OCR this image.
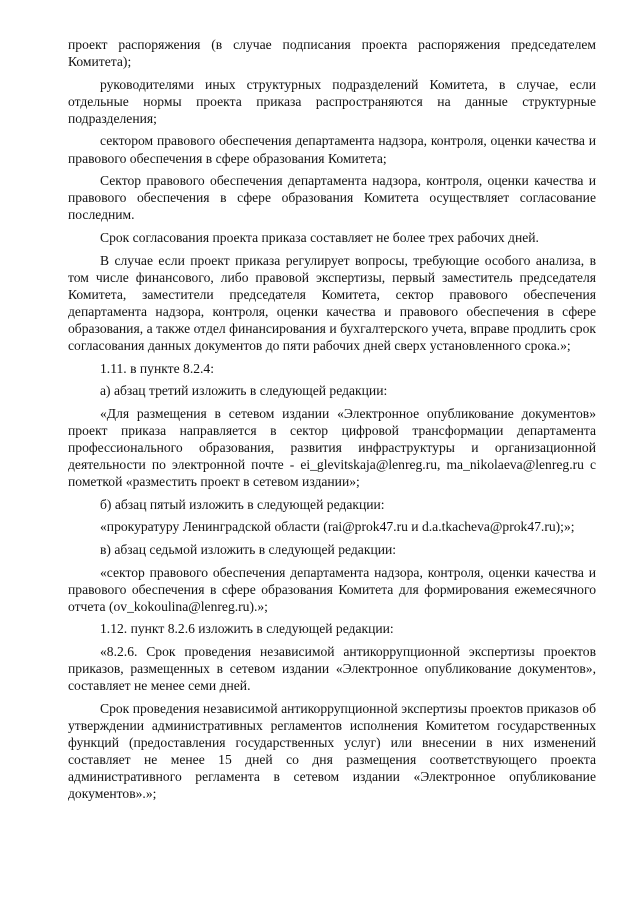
проект распоряжения (в случае подписания проекта распоряжения председателем Комитета);

руководителями иных структурных подразделений Комитета, в случае, если отдельные нормы проекта приказа распространяются на данные структурные подразделения;

сектором правового обеспечения департамента надзора, контроля, оценки качества и правового обеспечения в сфере образования Комитета;

Сектор правового обеспечения департамента надзора, контроля, оценки качества и правового обеспечения в сфере образования Комитета осуществляет согласование последним.

Срок согласования проекта приказа составляет не более трех рабочих дней.

В случае если проект приказа регулирует вопросы, требующие особого анализа, в том числе финансового, либо правовой экспертизы, первый заместитель председателя Комитета, заместители председателя Комитета, сектор правового обеспечения департамента надзора, контроля, оценки качества и правового обеспечения в сфере образования, а также отдел финансирования и бухгалтерского учета, вправе продлить срок согласования данных документов до пяти рабочих дней сверх установленного срока.»;

1.11. в пункте 8.2.4:

а) абзац третий изложить в следующей редакции:

«Для размещения в сетевом издании «Электронное опубликование документов» проект приказа направляется в сектор цифровой трансформации департамента профессионального образования, развития инфраструктуры и организационной деятельности по электронной почте - ei_glevitskaja@lenreg.ru, ma_nikolaeva@lenreg.ru с пометкой «разместить проект в сетевом издании»;

б) абзац пятый изложить в следующей редакции:

«прокуратуру Ленинградской области (rai@prok47.ru и d.a.tkacheva@prok47.ru);»;

в) абзац седьмой изложить в следующей редакции:

«сектор правового обеспечения департамента надзора, контроля, оценки качества и правового обеспечения в сфере образования Комитета для формирования ежемесячного отчета (ov_kokoulina@lenreg.ru).»;

1.12. пункт 8.2.6 изложить в следующей редакции:

«8.2.6. Срок проведения независимой антикоррупционной экспертизы проектов приказов, размещенных в сетевом издании «Электронное опубликование документов», составляет не менее семи дней.

Срок проведения независимой антикоррупционной экспертизы проектов приказов об утверждении административных регламентов исполнения Комитетом государственных функций (предоставления государственных услуг) или внесении в них изменений составляет не менее 15 дней со дня размещения соответствующего проекта административного регламента в сетевом издании «Электронное опубликование документов».»;
